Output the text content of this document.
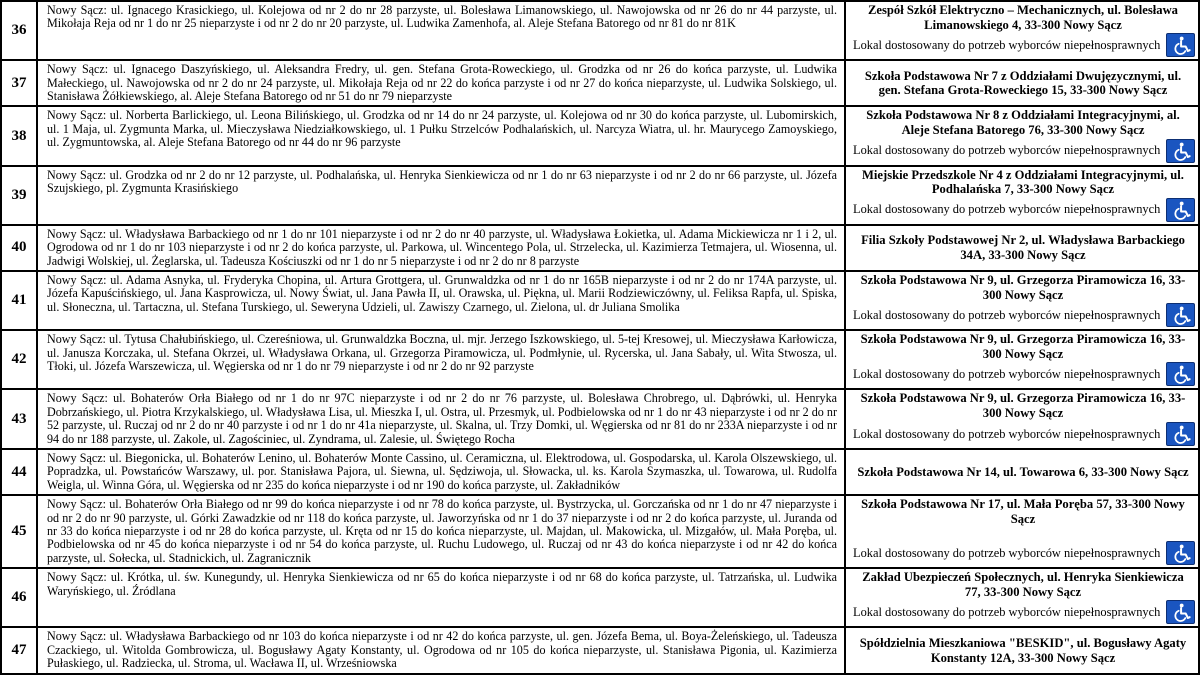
36
Nowy Sącz: ul. Ignacego Krasickiego, ul. Kolejowa od nr 2 do nr 28 parzyste, ul. Bolesława Limanowskiego, ul. Nawojowska od nr 26 do nr 44 parzyste, ul. Mikołaja Reja od nr 1 do nr 25 nieparzyste i od nr 2 do nr 20 parzyste, ul. Ludwika Zamenhofa, al. Aleje Stefana Batorego od nr 81 do nr 81K
Zespół Szkół Elektryczno – Mechanicznych, ul. Bolesława Limanowskiego 4, 33-300 Nowy Sącz
Lokal dostosowany do potrzeb wyborców niepełnosprawnych
37
Nowy Sącz: ul. Ignacego Daszyńskiego, ul. Aleksandra Fredry, ul. gen. Stefana Grota-Roweckiego, ul. Grodzka od nr 26 do końca parzyste, ul. Ludwika Małeckiego, ul. Nawojowska od nr 2 do nr 24 parzyste, ul. Mikołaja Reja od nr 22 do końca parzyste i od nr 27 do końca nieparzyste, ul. Ludwika Solskiego, ul. Stanisława Żółkiewskiego, al. Aleje Stefana Batorego od nr 51 do nr 79 nieparzyste
Szkoła Podstawowa Nr 7 z Oddziałami Dwujęzycznymi, ul. gen. Stefana Grota-Roweckiego 15, 33-300 Nowy Sącz
38
Nowy Sącz: ul. Norberta Barlickiego, ul. Leona Bilińskiego, ul. Grodzka od nr 14 do nr 24 parzyste, ul. Kolejowa od nr 30 do końca parzyste, ul. Lubomirskich, ul. 1 Maja, ul. Zygmunta Marka, ul. Mieczysława Niedziałkowskiego, ul. 1 Pułku Strzelców Podhalańskich, ul. Narcyza Wiatra, ul. hr. Maurycego Zamoyskiego, ul. Zygmuntowska, al. Aleje Stefana Batorego od nr 44 do nr 96 parzyste
Szkoła Podstawowa Nr 8 z Oddziałami Integracyjnymi, al. Aleje Stefana Batorego 76, 33-300 Nowy Sącz
Lokal dostosowany do potrzeb wyborców niepełnosprawnych
39
Nowy Sącz: ul. Grodzka od nr 2 do nr 12 parzyste, ul. Podhalańska, ul. Henryka Sienkiewicza od nr 1 do nr 63 nieparzyste i od nr 2 do nr 66 parzyste, ul. Józefa Szujskiego, pl. Zygmunta Krasińskiego
Miejskie Przedszkole Nr 4 z Oddziałami Integracyjnymi, ul. Podhalańska 7, 33-300 Nowy Sącz
Lokal dostosowany do potrzeb wyborców niepełnosprawnych
40
Nowy Sącz: ul. Władysława Barbackiego od nr 1 do nr 101 nieparzyste i od nr 2 do nr 40 parzyste, ul. Władysława Łokietka, ul. Adama Mickiewicza nr 1 i 2, ul. Ogrodowa od nr 1 do nr 103 nieparzyste i od nr 2 do końca parzyste, ul. Parkowa, ul. Wincentego Pola, ul. Strzelecka, ul. Kazimierza Tetmajera, ul. Wiosenna, ul. Jadwigi Wolskiej, ul. Żeglarska, ul. Tadeusza Kościuszki od nr 1 do nr 5 nieparzyste i od nr 2 do nr 8 parzyste
Filia Szkoły Podstawowej Nr 2, ul. Władysława Barbackiego 34A, 33-300 Nowy Sącz
41
Nowy Sącz: ul. Adama Asnyka, ul. Fryderyka Chopina, ul. Artura Grottgera, ul. Grunwaldzka od nr 1 do nr 165B nieparzyste i od nr 2 do nr 174A parzyste, ul. Józefa Kapuścińskiego, ul. Jana Kasprowicza, ul. Nowy Świat, ul. Jana Pawła II, ul. Orawska, ul. Piękna, ul. Marii Rodziewiczówny, ul. Feliksa Rapfa, ul. Spiska, ul. Słoneczna, ul. Tartaczna, ul. Stefana Turskiego, ul. Seweryna Udzieli, ul. Zawiszy Czarnego, ul. Zielona, ul. dr Juliana Smolika
Szkoła Podstawowa Nr 9, ul. Grzegorza Piramowicza 16, 33-300 Nowy Sącz
Lokal dostosowany do potrzeb wyborców niepełnosprawnych
42
Nowy Sącz: ul. Tytusa Chałubińskiego, ul. Czereśniowa, ul. Grunwaldzka Boczna, ul. mjr. Jerzego Iszkowskiego, ul. 5-tej Kresowej, ul. Mieczysława Karłowicza, ul. Janusza Korczaka, ul. Stefana Okrzei, ul. Władysława Orkana, ul. Grzegorza Piramowicza, ul. Podmłynie, ul. Rycerska, ul. Jana Sabały, ul. Wita Stwosza, ul. Tłoki, ul. Józefa Warszewicza, ul. Węgierska od nr 1 do nr 79 nieparzyste i od nr 2 do nr 92 parzyste
Szkoła Podstawowa Nr 9, ul. Grzegorza Piramowicza 16, 33-300 Nowy Sącz
Lokal dostosowany do potrzeb wyborców niepełnosprawnych
43
Nowy Sącz: ul. Bohaterów Orła Białego od nr 1 do nr 97C nieparzyste i od nr 2 do nr 76 parzyste, ul. Bolesława Chrobrego, ul. Dąbrówki, ul. Henryka Dobrzańskiego, ul. Piotra Krzykalskiego, ul. Władysława Lisa, ul. Mieszka I, ul. Ostra, ul. Przesmyk, ul. Podbielowska od nr 1 do nr 43 nieparzyste i od nr 2 do nr 52 parzyste, ul. Ruczaj od nr 2 do nr 40 parzyste i od nr 1 do nr 41a nieparzyste, ul. Skalna, ul. Trzy Domki, ul. Węgierska od nr 81 do nr 233A nieparzyste i od nr 94 do nr 188 parzyste, ul. Zakole, ul. Zagościniec, ul. Zyndrama, ul. Zalesie, ul. Świętego Rocha
Szkoła Podstawowa Nr 9, ul. Grzegorza Piramowicza 16, 33-300 Nowy Sącz
Lokal dostosowany do potrzeb wyborców niepełnosprawnych
44
Nowy Sącz: ul. Biegonicka, ul. Bohaterów Lenino, ul. Bohaterów Monte Cassino, ul. Ceramiczna, ul. Elektrodowa, ul. Gospodarska, ul. Karola Olszewskiego, ul. Popradzka, ul. Powstańców Warszawy, ul. por. Stanisława Pajora, ul. Siewna, ul. Sędziwoja, ul. Słowacka, ul. ks. Karola Szymaszka, ul. Towarowa, ul. Rudolfa Weigla, ul. Winna Góra, ul. Węgierska od nr 235 do końca nieparzyste i od nr 190 do końca parzyste, ul. Zakładników
Szkoła Podstawowa Nr 14, ul. Towarowa 6, 33-300 Nowy Sącz
45
Nowy Sącz: ul. Bohaterów Orła Białego od nr 99 do końca nieparzyste i od nr 78 do końca parzyste, ul. Bystrzycka, ul. Gorczańska od nr 1 do nr 47 nieparzyste i od nr 2 do nr 90 parzyste, ul. Górki Zawadzkie od nr 118 do końca parzyste, ul. Jaworzyńska od nr 1 do 37 nieparzyste i od nr 2 do końca parzyste, ul. Juranda od nr 33 do końca nieparzyste i od nr 28 do końca parzyste, ul. Kręta od nr 15 do końca nieparzyste, ul. Majdan, ul. Makowicka, ul. Mizgałów, ul. Mała Poręba, ul. Podbielowska od nr 45 do końca nieparzyste i od nr 54 do końca parzyste, ul. Ruchu Ludowego, ul. Ruczaj od nr 43 do końca nieparzyste i od nr 42 do końca parzyste, ul. Sołecka, ul. Stadnickich, ul. Zagranicznik
Szkoła Podstawowa Nr 17, ul. Mała Poręba 57, 33-300 Nowy Sącz
Lokal dostosowany do potrzeb wyborców niepełnosprawnych
46
Nowy Sącz: ul. Krótka, ul. św. Kunegundy, ul. Henryka Sienkiewicza od nr 65 do końca nieparzyste i od nr 68 do końca parzyste, ul. Tatrzańska, ul. Ludwika Waryńskiego, ul. Źródlana
Zakład Ubezpieczeń Społecznych, ul. Henryka Sienkiewicza 77, 33-300 Nowy Sącz
Lokal dostosowany do potrzeb wyborców niepełnosprawnych
47
Nowy Sącz: ul. Władysława Barbackiego od nr 103 do końca nieparzyste i od nr 42 do końca parzyste, ul. gen. Józefa Bema, ul. Boya-Żeleńskiego, ul. Tadeusza Czackiego, ul. Witolda Gombrowicza, ul. Bogusławy Agaty Konstanty, ul. Ogrodowa od nr 105 do końca nieparzyste, ul. Stanisława Pigonia, ul. Kazimierza Pułaskiego, ul. Radziecka, ul. Stroma, ul. Wacława II, ul. Wrześniowska
Spółdzielnia Mieszkaniowa "BESKID", ul. Bogusławy Agaty Konstanty 12A, 33-300 Nowy Sącz
